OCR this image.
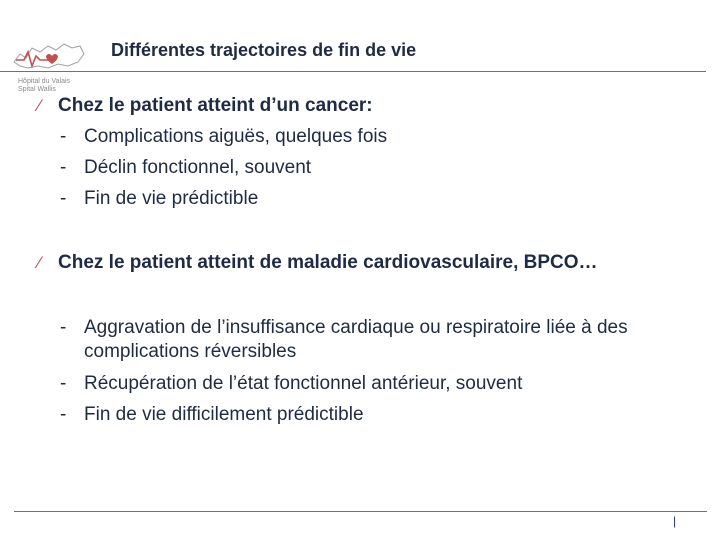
Hôpital du Valais
Spital Wallis
Différentes trajectoires de fin de vie
⁄ Chez le patient atteint d’un cancer:
- Complications aiguës, quelques fois
- Déclin fonctionnel, souvent
- Fin de vie prédictible
⁄ Chez le patient atteint de maladie cardiovasculaire, BPCO…
- Aggravation de l’insuffisance cardiaque ou respiratoire liée à des complications réversibles
- Récupération de l’état fonctionnel antérieur, souvent
- Fin de vie difficilement prédictible
|
